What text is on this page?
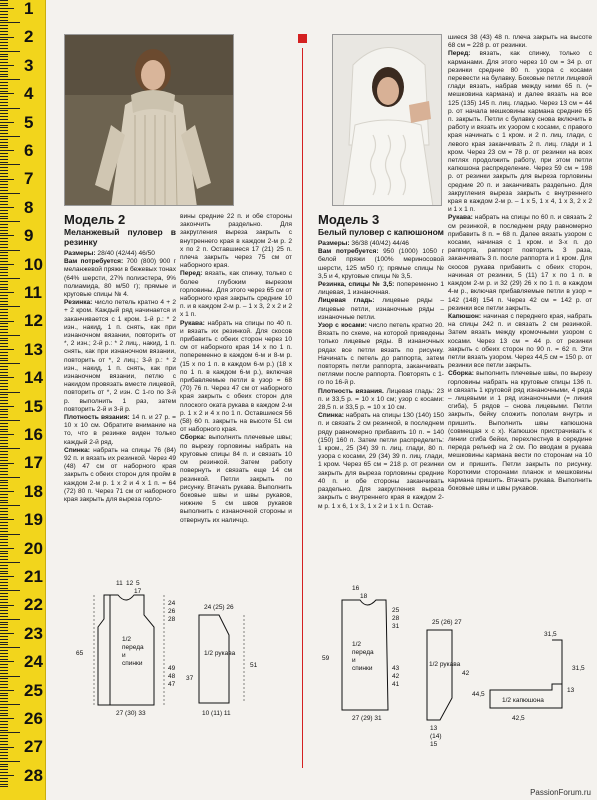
1
2
3
4
5
6
7
8
9
10
11
12
13
14
15
16
17
18
19
20
21
22
23
24
25
26
27
28
Модель 2
Меланжевый пуловер в резинку

Размеры: 28/40 (42/44) 46/50

Вам потребуется: 700 (800) 900 г меланжевой пряжи в бежевых тонах (64% шерсти, 27% полиэстера, 9% полиамида, 80 м/50 г); прямые и круговые спицы № 4.

Резинка: число петель кратно 4 + 2 + 2 кром. Каждый ряд начинается и заканчивается с 1 кром. 1-й р.: * 2 изн., накид, 1 п. снять, как при изнаночном вязании, повторить от *, 2 изн.; 2-й р.: * 2 лиц., накид, 1 п. снять, как при изнаночном вязании, повторить от *, 2 лиц.; 3-й р.: * 2 изн., накид, 1 п. снять, как при изнаночном вязании, петлю с накидом провязать вместе лицевой, повторить от *, 2 изн. С 1-го по 3-й р. выполнить 1 раз, затем повторить 2-й и 3-й р.

Плотность вязания: 14 п. и 27 р. = 10 х 10 см. Обратите внимание на то, что в резинке виден только каждый 2-й ряд.

Спинка: набрать на спицы 76 (84) 92 п. и вязать их резинкой. Через 49 (48) 47 см от наборного края закрыть с обеих сторон для пройм в каждом 2-м р. 1 х 2 и 4 х 1 п. = 64 (72) 80 п. Через 71 см от наборного края закрыть для выреза горло-

вины средние 22 п. и обе стороны закончить раздельно. Для закругления выреза закрыть с внутреннего края в каждом 2-м р. 2 х по 2 п. Оставшиеся 17 (21) 25 п. плеча закрыть через 75 см от наборного края.

Перед: вязать, как спинку, только с более глубоким вырезом горловины. Для этого через 65 см от наборного края закрыть средние 10 п. и в каждом 2-м р. – 1 х 3, 2 х 2 и 2 х 1 п.

Рукава: набрать на спицы по 40 п. и вязать их резинкой. Для скосов прибавить с обеих сторон через 10 см от наборного края 14 х по 1 п. попеременно в каждом 6-м и 8-м р. (15 х по 1 п. в каждом 6-м р.) (18 х по 1 п. в каждом 6-м р.), включая прибавляемые петли в узор = 68 (70) 76 п. Через 47 см от наборного края закрыть с обеих сторон для плоского оката рукава в каждом 2-м р. 1 х 2 и 4 х по 1 п. Оставшиеся 56 (58) 60 п. закрыть на высоте 51 см от наборного края.

Сборка: выполнить плечевые швы; по вырезу горловины набрать на круговые спицы 84 п. и связать 10 см резинкой. Затем работу повернуть и связать еще 14 см резинкой. Петли закрыть по рисунку. Втачать рукава. Выполнить боковые швы и швы рукавов, нижние 5 см швов рукавов выполнить с изнаночной стороны и отвернуть их наличцо.

Модель 3
Белый пуловер с капюшоном

Размеры: 36/38 (40/42) 44/46

Вам потребуется: 950 (1000) 1050 г белой пряжи (100% мериносовой шерсти, 125 м/50 г); прямые спицы № 3,5 и 4, круговые спицы № 3,5.

Резинка, спицы № 3,5: попеременно 1 лицевая, 1 изнаночная.

Лицевая гладь: лицевые ряды – лицевые петли, изнаночные ряды – изнаночные петли.

Узор с косами: число петель кратно 20. Вязать по схеме, на которой приведены только лицевые ряды. В изнаночных рядах все петли вязать по рисунку. Начинать с петель до раппорта, затем повторять петли раппорта, заканчивать петлями после раппорта. Повторять с 1-го по 16-й р.

Плотность вязания. Лицевая гладь: 23 п. и 33,5 р. = 10 х 10 см; узор с косами: 28,5 п. и 33,5 р. = 10 х 10 см.

Спинка: набрать на спицы 130 (140) 150 п. и связать 2 см резинкой, в последнем ряду равномерно прибавить 10 п. = 140 (150) 160 п. Затем петли распределить: 1 кром., 25 (34) 39 п. лиц. глади, 80 п. узора с косами, 29 (34) 39 п. лиц. глади, 1 кром. Через 65 см = 218 р. от резинки закрыть для выреза горловины средние 40 п. и обе стороны заканчивать раздельно. Для закругления выреза закрыть с внутреннего края в каждом 2-м р. 1 х 6, 1 х 3, 1 х 2 и 1 х 1 п. Остав-

шиеся 38 (43) 48 п. плеча закрыть на высоте 68 см = 228 р. от резинки.

Перед: вязать, как спинку, только с карманами. Для этого через 10 см = 34 р. от резинки средние 80 п. узора с косами перевести на булавку. Боковые петли лицевой глади вязать, набрав между ними 65 п. (= мешковина кармана) и далее вязать на все 125 (135) 145 п. лиц. гладью. Через 13 см = 44 р. от начала мешковины кармана средние 65 п. закрыть. Петли с булавку снова включить в работу и вязать их узором с косами, с правого края начинать с 1 кром. и 2 п. лиц. глади, с левого края заканчивать 2 п. лиц. глади и 1 кром. Через 23 см = 78 р. от резинки на всех петлях продолжить работу, при этом петли капюшона распределение. Через 59 см = 198 р. от резинки закрыть для выреза горловины средние 20 п. и заканчивать раздельно. Для закругления выреза закрыть с внутреннего края в каждом 2-м р. – 1 х 5, 1 х 4, 1 х 3, 2 х 2 и 1 х 1 п.

Рукава: набрать на спицы по 60 п. и связать 2 см резинкой, в последнем ряду равномерно прибавить 8 п. = 68 п. Далее вязать узором с косами, начиная с 1 кром. и 3-х п. до раппорта, раппорт повторить 3 раза, заканчивать 3 п. после раппорта и 1 кром. Для скосов рукава прибавить с обеих сторон, начиная от резинки, 5 (11) 17 х по 1 п. в каждом 2-м р. и 32 (29) 26 х по 1 п. в каждом 4-м р., включая прибавляемые петли в узор = 142 (148) 154 п. Через 42 см = 142 р. от резинки все петли закрыть.

Капюшон: начиная с переднего края, набрать на спицы 242 п. и связать 2 см резинкой. Затем вязать между кромочными узором с косами. Через 13 см = 44 р. от резинки закрыть с обеих сторон по 90 п. = 62 п. Эти петли вязать узором. Через 44,5 см = 150 р. от резинки все петли закрыть.

Сборка: выполнить плечевые швы, по вырезу горловины набрать на круговые спицы 136 п. и связать 1 круговой ряд изнаночными, 4 ряда – лицевыми и 1 ряд изнаночными (= линия сгиба), 5 рядов – снова лицевыми. Петли закрыть, бейку сложить пополам внутрь и пришить. Выполнить швы капюшона (совмещая x с x). Капюшон пристрачивать к линии сгиба бейки, перехлестнув в середине переда рельеф на 2 см. По вводам в рукава мешковины кармана вести по сторонам на 10 см и пришить. Петли закрыть по рисунку. Короткими сторонами планок и мешковины кармана пришить. Втачать рукава. Выполнить боковые швы и швы рукавов.

11 12 5
17
24
26
28
65
49
48
47
37
51
24 (25) 26
27 (30) 33	10 (11) 11
1/2 переда и спинки
1/2 рукава
16
18
25
28
31
59
43
42
41
27 (29) 31
25 (26) 27
42
44,5
31,5
31,5
13
42,5
13
(14)
15
1/2 переда и спинки
1/2 рукава
1/2 капюшона
PassionForum.ru
